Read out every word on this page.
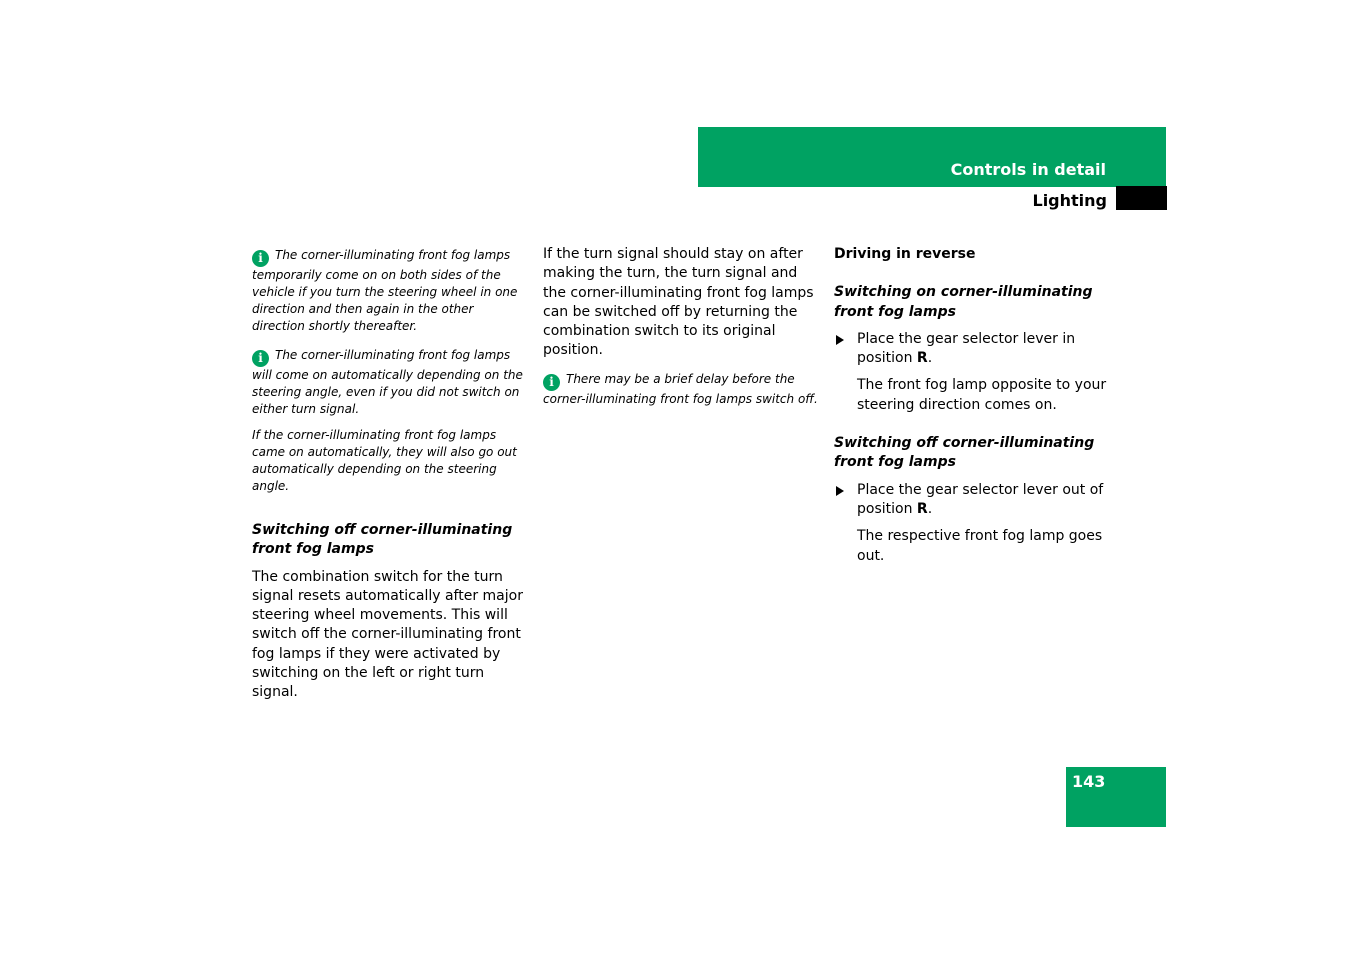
Controls in detail
Lighting

i The corner-illuminating front fog lamps temporarily come on on both sides of the vehicle if you turn the steering wheel in one direction and then again in the other direction shortly thereafter.

i The corner-illuminating front fog lamps will come on automatically depending on the steering angle, even if you did not switch on either turn signal.

If the corner-illuminating front fog lamps came on automatically, they will also go out automatically depending on the steering angle.

Switching off corner-illuminating front fog lamps

The combination switch for the turn signal resets automatically after major steering wheel movements. This will switch off the corner-illuminating front fog lamps if they were activated by switching on the left or right turn signal.

If the turn signal should stay on after making the turn, the turn signal and the corner-illuminating front fog lamps can be switched off by returning the combination switch to its original position.

i There may be a brief delay before the corner-illuminating front fog lamps switch off.

Driving in reverse

Switching on corner-illuminating front fog lamps

Place the gear selector lever in position R.

The front fog lamp opposite to your steering direction comes on.

Switching off corner-illuminating front fog lamps

Place the gear selector lever out of position R.

The respective front fog lamp goes out.

143
